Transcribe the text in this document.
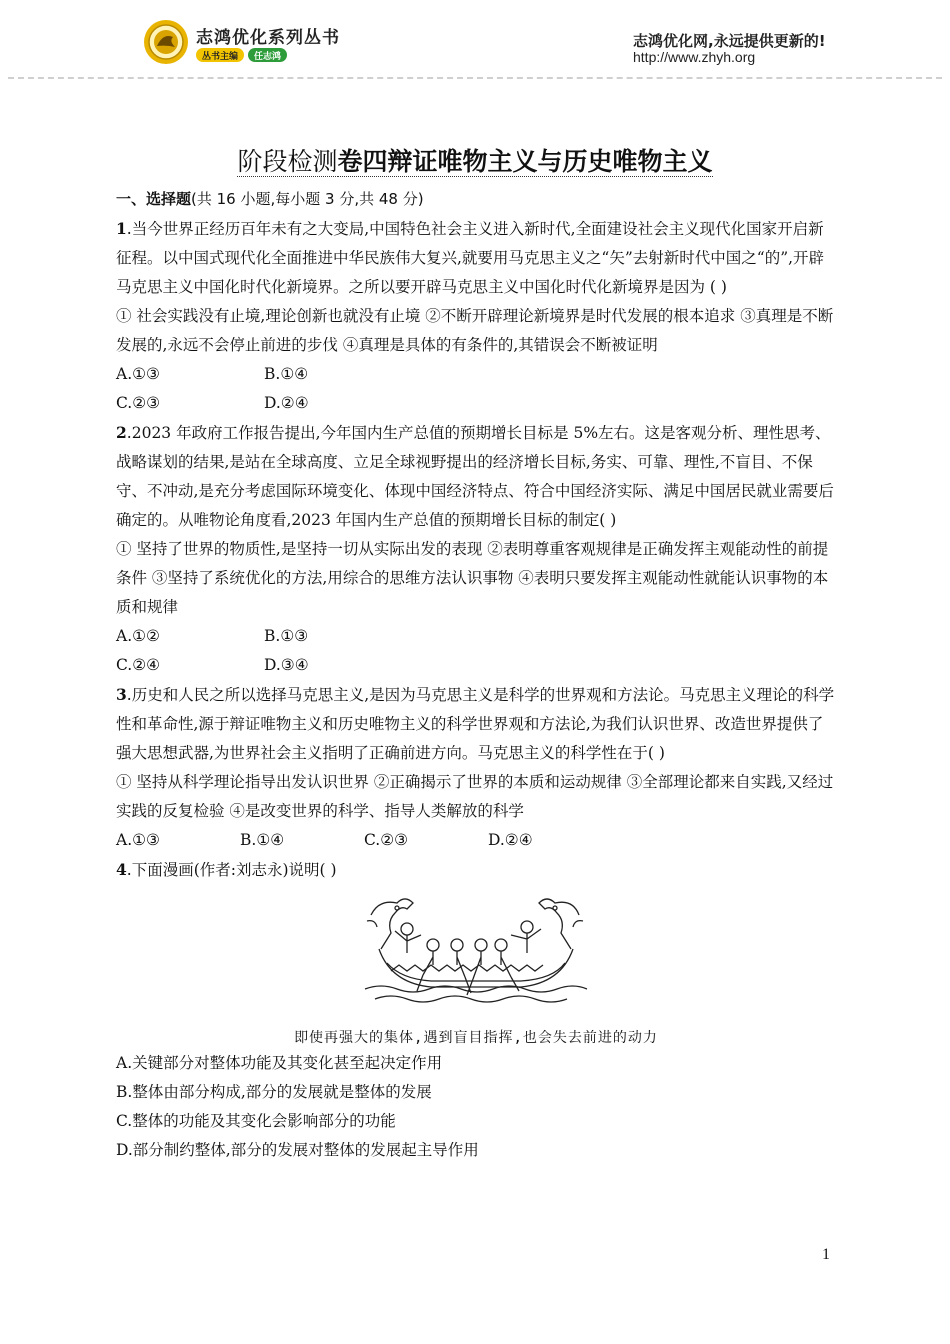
志鸿优化系列丛书
丛书主编	任志鸿
志鸿优化网,永远提供更新的!
http://www.zhyh.org
阶段检测卷四辩证唯物主义与历史唯物主义

一、选择题(共 16 小题,每小题 3 分,共 48 分)

1.当今世界正经历百年未有之大变局,中国特色社会主义进入新时代,全面建设社会主义现代化国家开启新征程。以中国式现代化全面推进中华民族伟大复兴,就要用马克思主义之“矢”去射新时代中国之“的”,开辟马克思主义中国化时代化新境界。之所以要开辟马克思主义中国化时代化新境界是因为 ( )

① 社会实践没有止境,理论创新也就没有止境 ②不断开辟理论新境界是时代发展的根本追求 ③真理是不断发展的,永远不会停止前进的步伐 ④真理是具体的有条件的,其错误会不断被证明

A.①③	B.①④
C.②③	D.②④

2.2023 年政府工作报告提出,今年国内生产总值的预期增长目标是 5%左右。这是客观分析、理性思考、战略谋划的结果,是站在全球高度、立足全球视野提出的经济增长目标,务实、可靠、理性,不盲目、不保守、不冲动,是充分考虑国际环境变化、体现中国经济特点、符合中国经济实际、满足中国居民就业需要后确定的。从唯物论角度看,2023 年国内生产总值的预期增长目标的制定( )

① 坚持了世界的物质性,是坚持一切从实际出发的表现 ②表明尊重客观规律是正确发挥主观能动性的前提条件 ③坚持了系统优化的方法,用综合的思维方法认识事物 ④表明只要发挥主观能动性就能认识事物的本质和规律

A.①②	B.①③
C.②④	D.③④

3.历史和人民之所以选择马克思主义,是因为马克思主义是科学的世界观和方法论。马克思主义理论的科学性和革命性,源于辩证唯物主义和历史唯物主义的科学世界观和方法论,为我们认识世界、改造世界提供了强大思想武器,为世界社会主义指明了正确前进方向。马克思主义的科学性在于( )

① 坚持从科学理论指导出发认识世界 ②正确揭示了世界的本质和运动规律 ③全部理论都来自实践,又经过实践的反复检验 ④是改变世界的科学、指导人类解放的科学

A.①③	B.①④	C.②③	D.②④

4.下面漫画(作者:刘志永)说明( )

即使再强大的集体,遇到盲目指挥,也会失去前进的动力

A.关键部分对整体功能及其变化甚至起决定作用

B.整体由部分构成,部分的发展就是整体的发展

C.整体的功能及其变化会影响部分的功能

D.部分制约整体,部分的发展对整体的发展起主导作用

1
